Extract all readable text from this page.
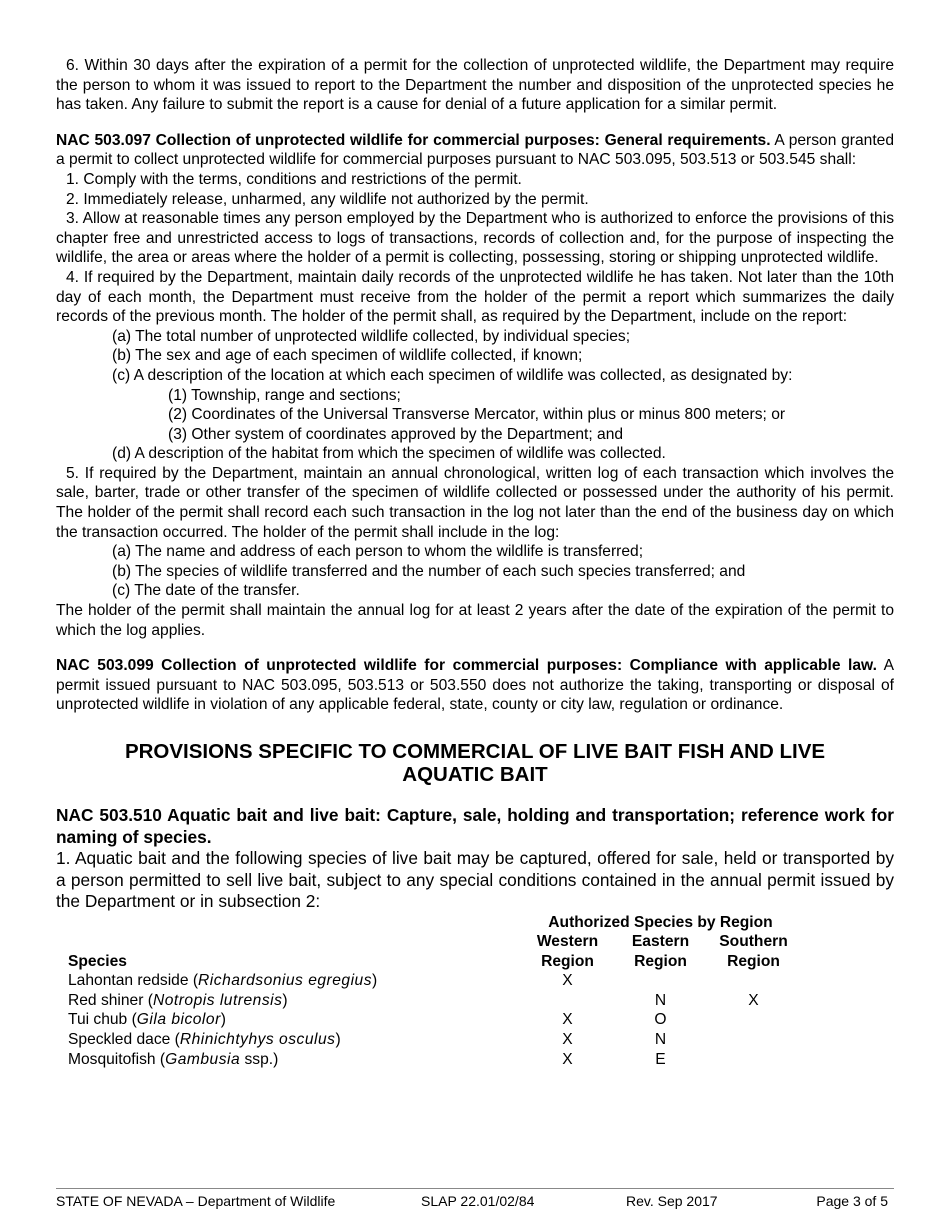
6. Within 30 days after the expiration of a permit for the collection of unprotected wildlife, the Department may require the person to whom it was issued to report to the Department the number and disposition of the unprotected species he has taken. Any failure to submit the report is a cause for denial of a future application for a similar permit.

NAC 503.097 Collection of unprotected wildlife for commercial purposes: General requirements. A person granted a permit to collect unprotected wildlife for commercial purposes pursuant to NAC 503.095, 503.513 or 503.545 shall:

1. Comply with the terms, conditions and restrictions of the permit.

2. Immediately release, unharmed, any wildlife not authorized by the permit.

3. Allow at reasonable times any person employed by the Department who is authorized to enforce the provisions of this chapter free and unrestricted access to logs of transactions, records of collection and, for the purpose of inspecting the wildlife, the area or areas where the holder of a permit is collecting, possessing, storing or shipping unprotected wildlife.

4. If required by the Department, maintain daily records of the unprotected wildlife he has taken. Not later than the 10th day of each month, the Department must receive from the holder of the permit a report which summarizes the daily records of the previous month. The holder of the permit shall, as required by the Department, include on the report:

(a) The total number of unprotected wildlife collected, by individual species;

(b) The sex and age of each specimen of wildlife collected, if known;

(c) A description of the location at which each specimen of wildlife was collected, as designated by:

(1) Township, range and sections;

(2) Coordinates of the Universal Transverse Mercator, within plus or minus 800 meters; or

(3) Other system of coordinates approved by the Department; and

(d) A description of the habitat from which the specimen of wildlife was collected.

5. If required by the Department, maintain an annual chronological, written log of each transaction which involves the sale, barter, trade or other transfer of the specimen of wildlife collected or possessed under the authority of his permit. The holder of the permit shall record each such transaction in the log not later than the end of the business day on which the transaction occurred. The holder of the permit shall include in the log:

(a) The name and address of each person to whom the wildlife is transferred;

(b) The species of wildlife transferred and the number of each such species transferred; and

(c) The date of the transfer.

The holder of the permit shall maintain the annual log for at least 2 years after the date of the expiration of the permit to which the log applies.

NAC 503.099 Collection of unprotected wildlife for commercial purposes: Compliance with applicable law. A permit issued pursuant to NAC 503.095, 503.513 or 503.550 does not authorize the taking, transporting or disposal of unprotected wildlife in violation of any applicable federal, state, county or city law, regulation or ordinance.

PROVISIONS SPECIFIC TO COMMERCIAL OF LIVE BAIT FISH AND LIVE AQUATIC BAIT

NAC 503.510 Aquatic bait and live bait: Capture, sale, holding and transportation; reference work for naming of species.

1. Aquatic bait and the following species of live bait may be captured, offered for sale, held or transported by a person permitted to sell live bait, subject to any special conditions contained in the annual permit issued by the Department or in subsection 2:

	Authorized Species by Region		
	Western	Eastern	Southern
Species	Region	Region	Region
Lahontan redside (Richardsonius egregius)	X		
Red shiner (Notropis lutrensis)		N	X
Tui chub (Gila bicolor)	X	O	
Speckled dace (Rhinichtyhys osculus)	X	N	
Mosquitofish (Gambusia ssp.)	X	E	
STATE OF NEVADA – Department of Wildlife	SLAP 22.01/02/84	Rev. Sep 2017	Page 3 of 5
